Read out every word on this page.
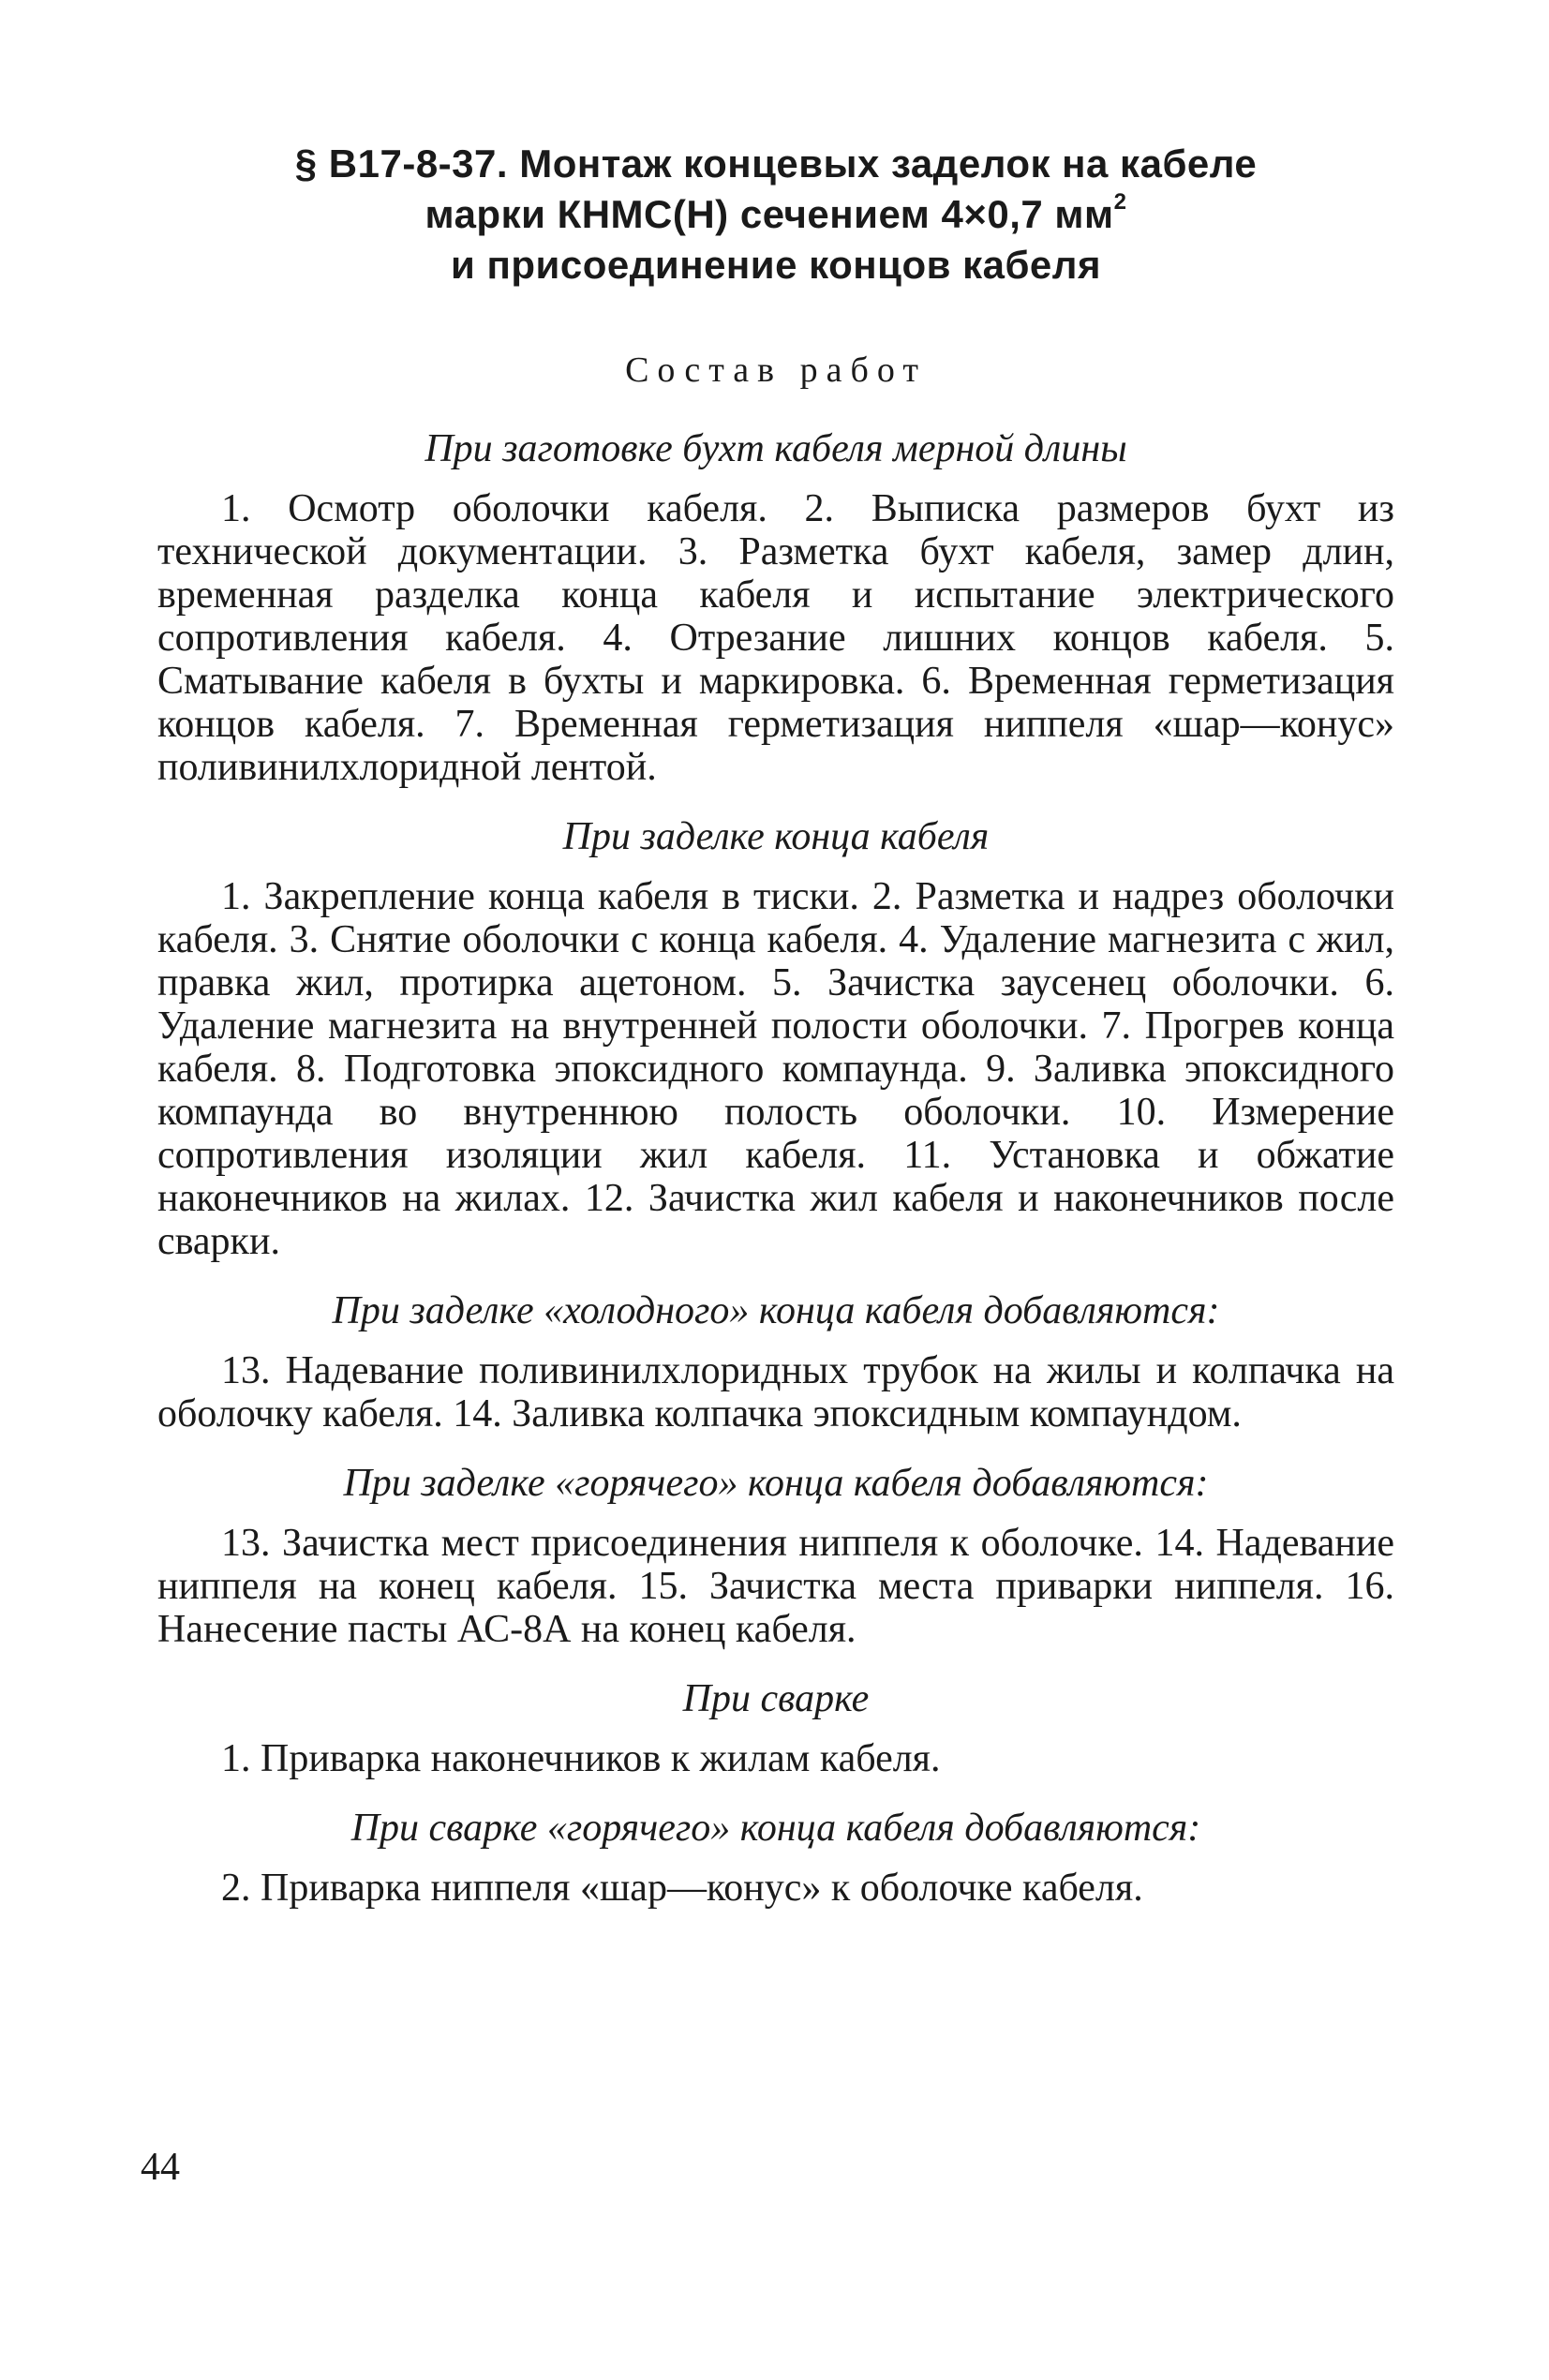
§ В17-8-37. Монтаж концевых заделок на кабеле
марки КНМС(Н) сечением 4×0,7 $мм^2$
и присоединение концов кабеля
Состав работ
При заготовке бухт кабеля мерной длины

1. Осмотр оболочки кабеля. 2. Выписка размеров бухт из технической документации. 3. Разметка бухт кабеля, замер длин, временная разделка конца кабеля и испытание электрического сопротивления кабеля. 4. Отрезание лишних концов кабеля. 5. Сматывание кабеля в бухты и маркировка. 6. Временная герметизация концов кабеля. 7. Временная герметизация ниппеля «шар—конус» поливинилхлоридной лентой.

При заделке конца кабеля

1. Закрепление конца кабеля в тиски. 2. Разметка и надрез оболочки кабеля. 3. Снятие оболочки с конца кабеля. 4. Удаление магнезита с жил, правка жил, протирка ацетоном. 5. Зачистка заусенец оболочки. 6. Удаление магнезита на внутренней полости оболочки. 7. Прогрев конца кабеля. 8. Подготовка эпоксидного компаунда. 9. Заливка эпоксидного компаунда во внутреннюю полость оболочки. 10. Измерение сопротивления изоляции жил кабеля. 11. Установка и обжатие наконечников на жилах. 12. Зачистка жил кабеля и наконечников после сварки.

При заделке «холодного» конца кабеля добавляются:

13. Надевание поливинилхлоридных трубок на жилы и колпачка на оболочку кабеля. 14. Заливка колпачка эпоксидным компаундом.

При заделке «горячего» конца кабеля добавляются:

13. Зачистка мест присоединения ниппеля к оболочке. 14. Надевание ниппеля на конец кабеля. 15. Зачистка места приварки ниппеля. 16. Нанесение пасты АС-8А на конец кабеля.

При сварке

1. Приварка наконечников к жилам кабеля.

При сварке «горячего» конца кабеля добавляются:

2. Приварка ниппеля «шар—конус» к оболочке кабеля.

44
